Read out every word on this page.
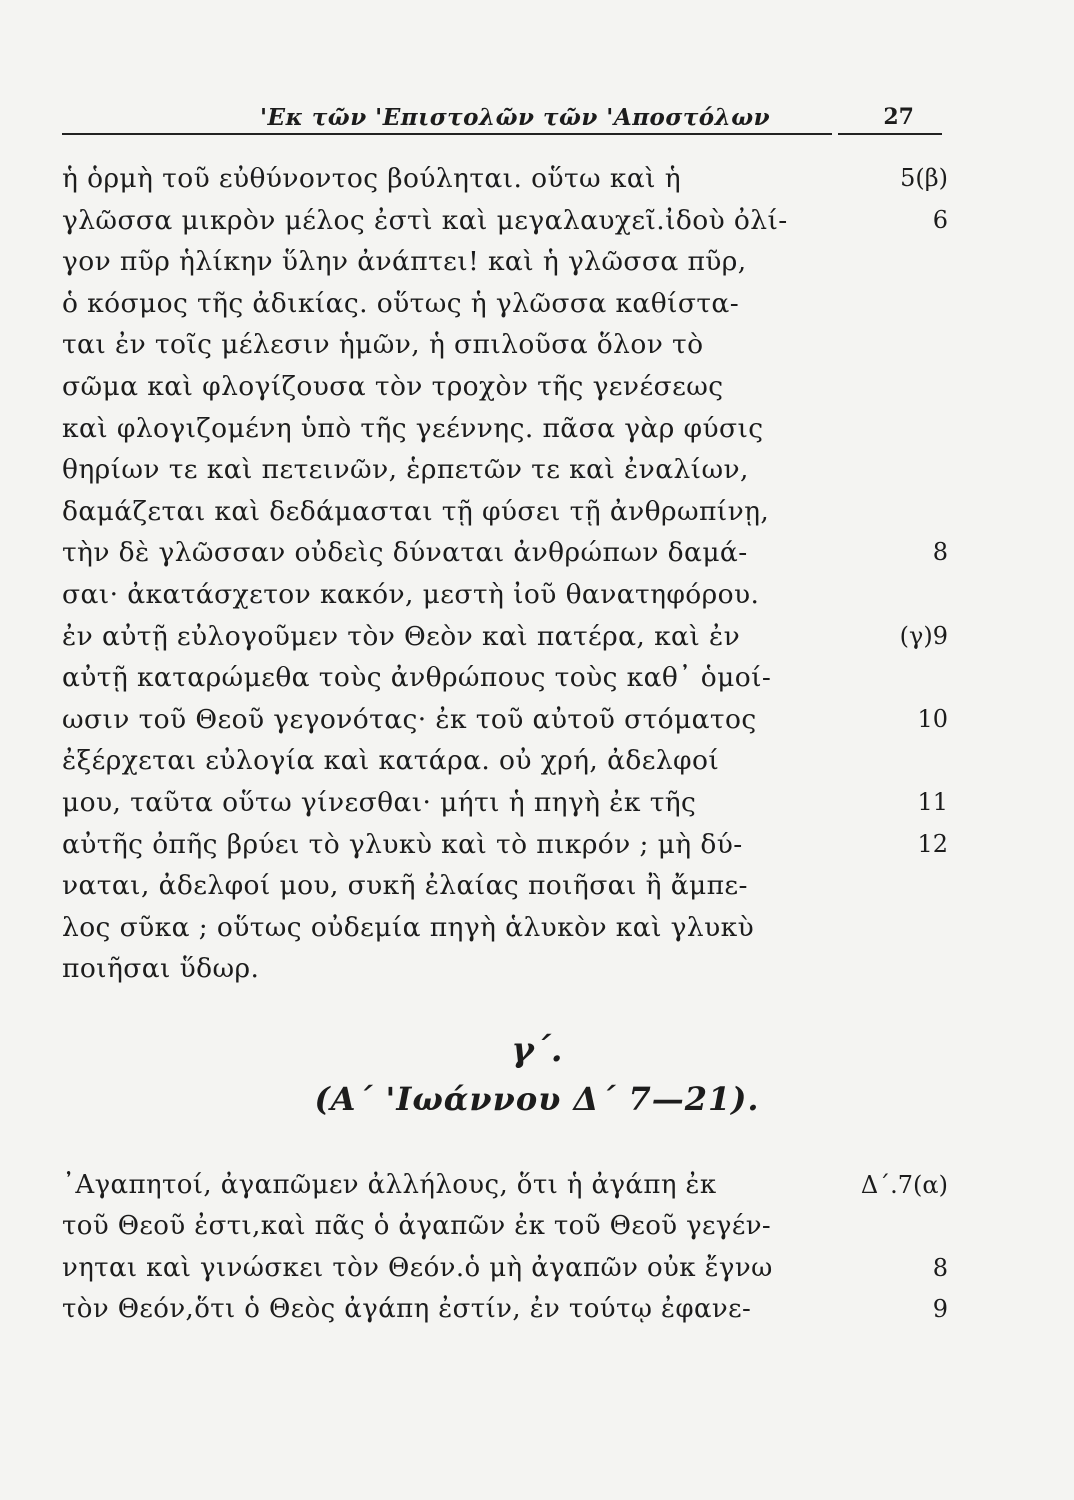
'Εκ τῶν 'Επιστολῶν τῶν 'Αποστόλων	27
ἡ ὁρμὴ τοῦ εὐθύνοντος βούληται. οὕτω καὶ ἡ	5(β)
γλῶσσα μικρὸν μέλος ἐστὶ καὶ μεγαλαυχεῖ.ἰδοὺ ὀλί-	6
γον πῦρ ἡλίκην ὕλην ἀνάπτει! καὶ ἡ γλῶσσα πῦρ,
ὁ κόσμος τῆς ἀδικίας. οὕτως ἡ γλῶσσα καθίστα-
ται ἐν τοῖς μέλεσιν ἡμῶν, ἡ σπιλοῦσα ὅλον τὸ
σῶμα καὶ φλογίζουσα τὸν τροχὸν τῆς γενέσεως
καὶ φλογιζομένη ὑπὸ τῆς γεέννης. πᾶσα γὰρ φύσις
θηρίων τε καὶ πετεινῶν, ἑρπετῶν τε καὶ ἐναλίων,
δαμάζεται καὶ δεδάμασται τῇ φύσει τῇ ἀνθρωπίνῃ,
τὴν δὲ γλῶσσαν οὐδεὶς δύναται ἀνθρώπων δαμά-	8
σαι· ἀκατάσχετον κακόν, μεστὴ ἰοῦ θανατηφόρου.
ἐν αὐτῇ εὐλογοῦμεν τὸν Θεὸν καὶ πατέρα, καὶ ἐν	(γ)9
αὐτῇ καταρώμεθα τοὺς ἀνθρώπους τοὺς καθ᾽ ὁμοί-
ωσιν τοῦ Θεοῦ γεγονότας· ἐκ τοῦ αὐτοῦ στόματος	10
ἐξέρχεται εὐλογία καὶ κατάρα. οὐ χρή, ἀδελφοί
μου, ταῦτα οὕτω γίνεσθαι· μήτι ἡ πηγὴ ἐκ τῆς	11
αὐτῆς ὀπῆς βρύει τὸ γλυκὺ καὶ τὸ πικρόν ; μὴ δύ-	12
ναται, ἀδελφοί μου, συκῆ ἐλαίας ποιῆσαι ἢ ἄμπε-
λος σῦκα ; οὕτως οὐδεμία πηγὴ ἁλυκὸν καὶ γλυκὺ
ποιῆσαι ὕδωρ.
γ΄.
(Α΄ 'Ιωάννου Δ΄ 7—21).
᾿Αγαπητοί, ἀγαπῶμεν ἀλλήλους, ὅτι ἡ ἀγάπη ἐκ	Δ΄.7(α)
τοῦ Θεοῦ ἐστι,καὶ πᾶς ὁ ἀγαπῶν ἐκ τοῦ Θεοῦ γεγέν-
νηται καὶ γινώσκει τὸν Θεόν.ὁ μὴ ἀγαπῶν οὐκ ἔγνω	8
τὸν Θεόν,ὅτι ὁ Θεὸς ἀγάπη ἐστίν, ἐν τούτῳ ἐφανε-	9
